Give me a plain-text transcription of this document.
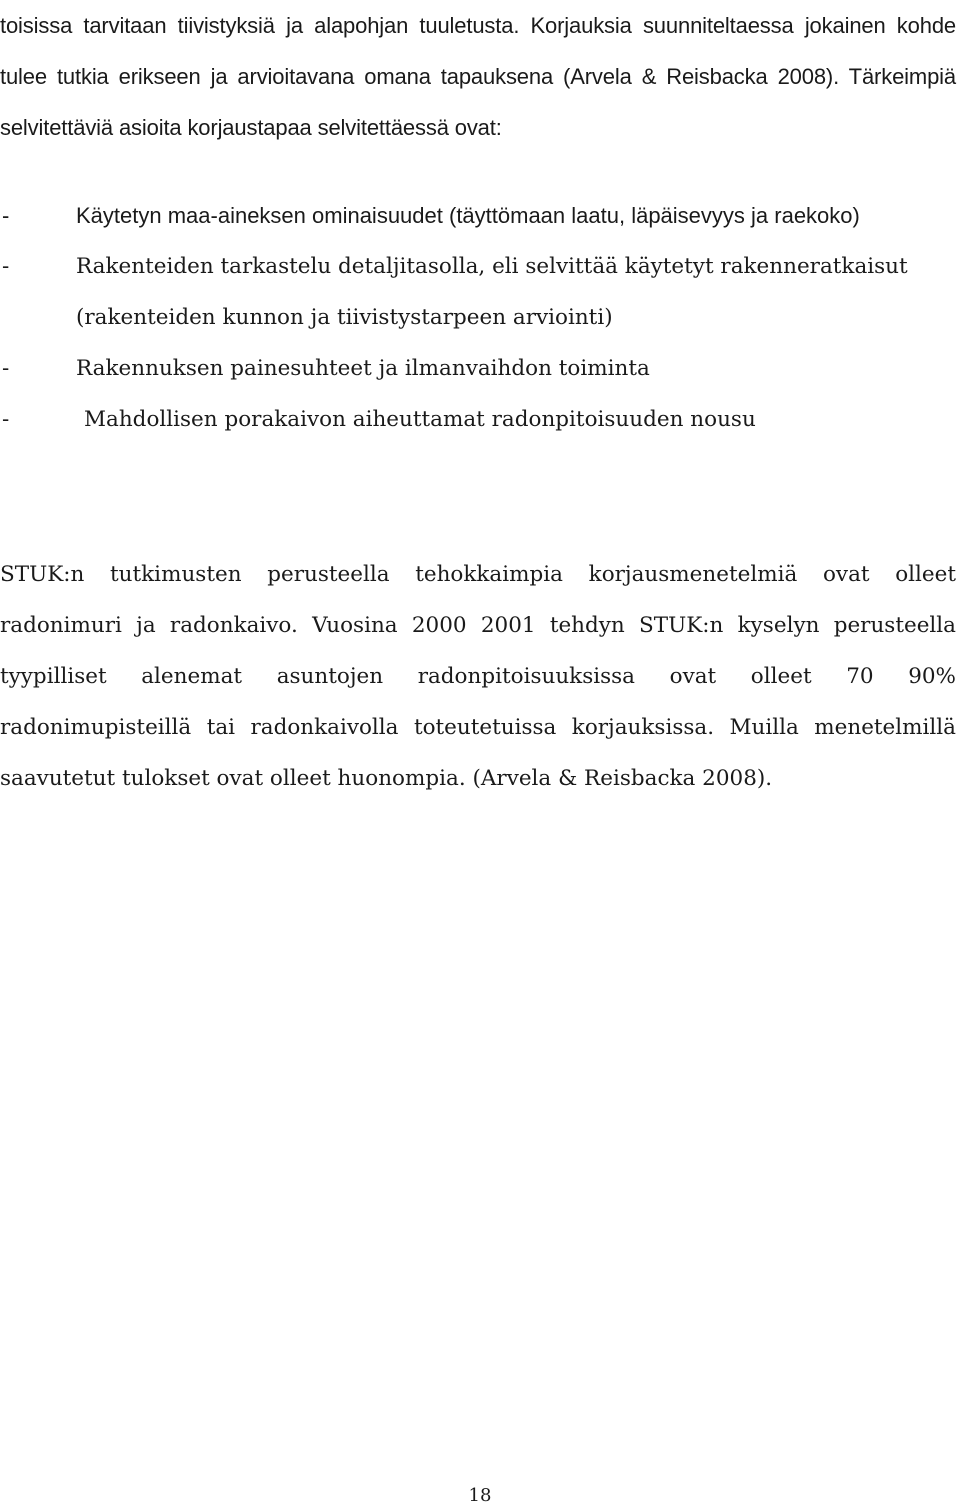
toisissa tarvitaan tiivistyksiä ja alapohjan tuuletusta. Korjauksia suunniteltaessa jokainen kohde tulee tutkia erikseen ja arvioitavana omana tapauksena (Arvela & Reisbacka 2008). Tärkeimpiä selvitettäviä asioita korjaustapaa selvitettäessä ovat:

-	Käytetyn maa-aineksen ominaisuudet (täyttömaan laatu, läpäisevyys ja raekoko)
-	Rakenteiden tarkastelu detaljitasolla, eli selvittää käytetyt rakenneratkaisut (rakenteiden kunnon ja tiivistystarpeen arviointi)
-	Rakennuksen painesuhteet ja ilmanvaihdon toiminta
-	Mahdollisen porakaivon aiheuttamat radonpitoisuuden nousu

STUK:n tutkimusten perusteella tehokkaimpia korjausmenetelmiä ovat olleet radonimuri ja radonkaivo. Vuosina 2000 2001 tehdyn STUK:n kyselyn perusteella tyypilliset alenemat asuntojen radonpitoisuuksissa ovat olleet 70 90% radonimupisteillä tai radonkaivolla toteutetuissa korjauksissa. Muilla menetelmillä saavutetut tulokset ovat olleet huonompia. (Arvela & Reisbacka 2008).

18
